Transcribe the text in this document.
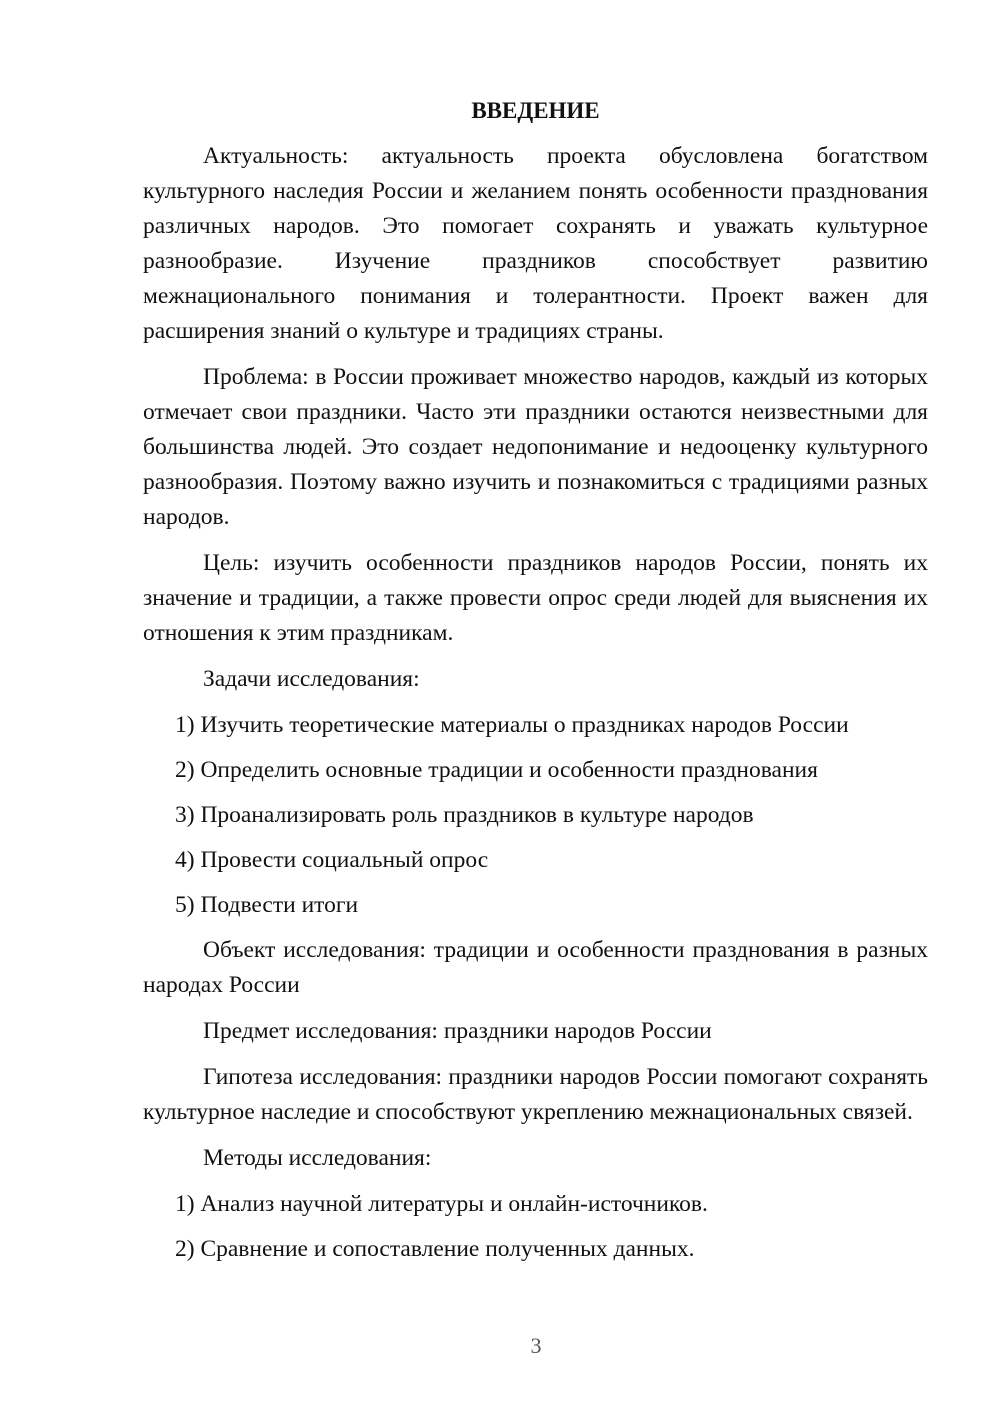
ВВЕДЕНИЕ

Актуальность: актуальность проекта обусловлена богатством культурного наследия России и желанием понять особенности празднования различных народов. Это помогает сохранять и уважать культурное разнообразие. Изучение праздников способствует развитию межнационального понимания и толерантности. Проект важен для расширения знаний о культуре и традициях страны.

Проблема: в России проживает множество народов, каждый из которых отмечает свои праздники. Часто эти праздники остаются неизвестными для большинства людей. Это создает недопонимание и недооценку культурного разнообразия. Поэтому важно изучить и познакомиться с традициями разных народов.

Цель: изучить особенности праздников народов России, понять их значение и традиции, а также провести опрос среди людей для выяснения их отношения к этим праздникам.

Задачи исследования:

1) Изучить теоретические материалы о праздниках народов России
2) Определить основные традиции и особенности празднования
3) Проанализировать роль праздников в культуре народов
4) Провести социальный опрос
5) Подвести итоги

Объект исследования: традиции и особенности празднования в разных народах России

Предмет исследования: праздники народов России

Гипотеза исследования: праздники народов России помогают сохранять культурное наследие и способствуют укреплению межнациональных связей.

Методы исследования:

1) Анализ научной литературы и онлайн-источников.
2) Сравнение и сопоставление полученных данных.
3
